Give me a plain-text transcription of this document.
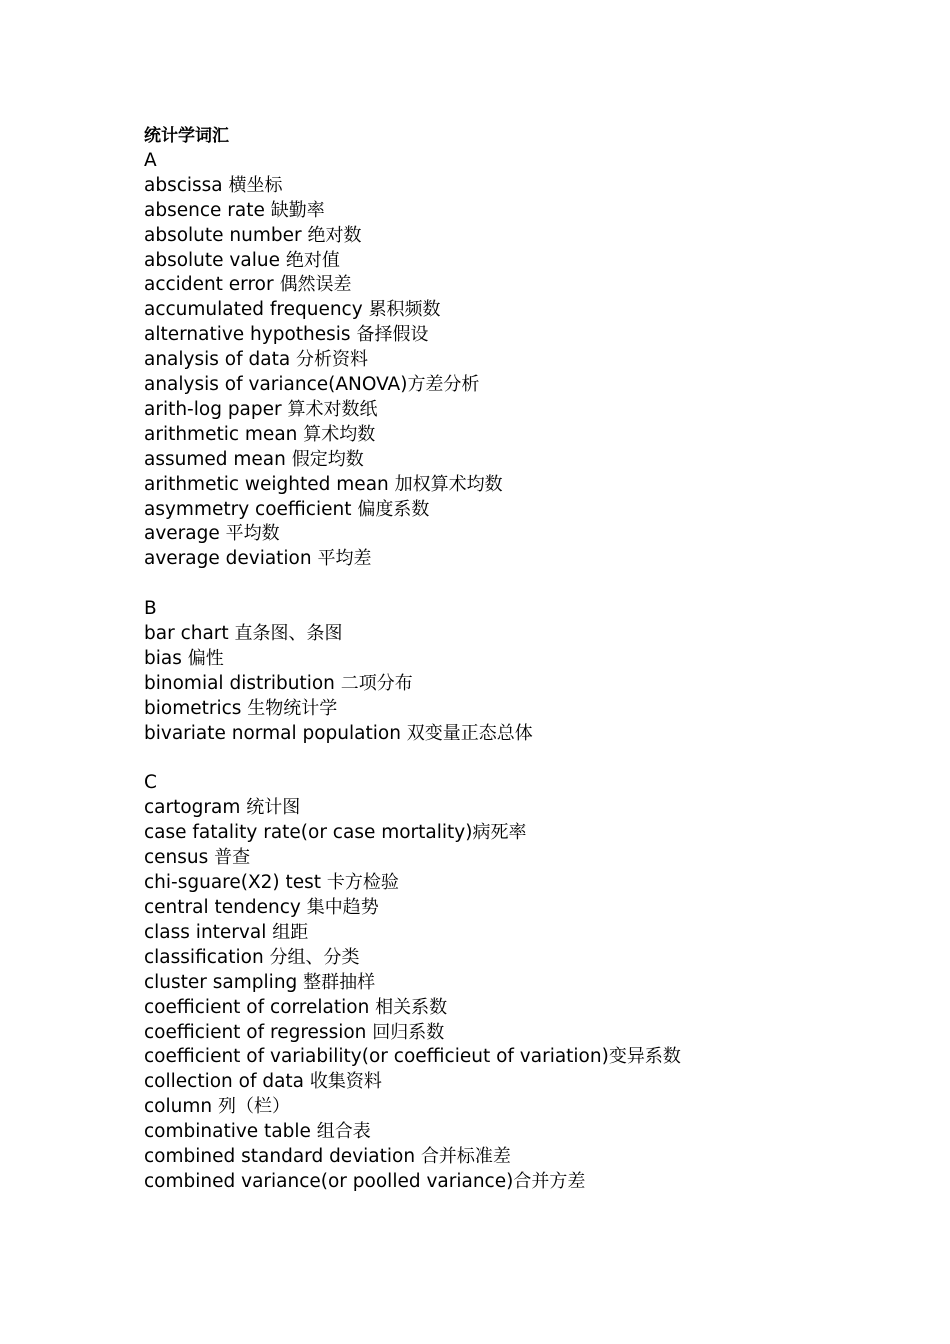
统计学词汇

A

abscissa 横坐标

absence rate 缺勤率

absolute number 绝对数

absolute value 绝对值

accident error 偶然误差

accumulated frequency 累积频数

alternative hypothesis 备择假设

analysis of data 分析资料

analysis of variance(ANOVA)方差分析

arith-log paper 算术对数纸

arithmetic mean 算术均数

assumed mean 假定均数

arithmetic weighted mean 加权算术均数

asymmetry coefficient 偏度系数

average 平均数

average deviation 平均差

B

bar chart 直条图、条图

bias 偏性

binomial distribution 二项分布

biometrics 生物统计学

bivariate normal population 双变量正态总体

C

cartogram 统计图

case fatality rate(or case mortality)病死率

census 普查

chi-sguare(X2) test 卡方检验

central tendency 集中趋势

class interval 组距

classification 分组、分类

cluster sampling 整群抽样

coefficient of correlation 相关系数

coefficient of regression 回归系数

coefficient of variability(or coefficieut of variation)变异系数

collection of data 收集资料

column 列（栏）

combinative table 组合表

combined standard deviation 合并标准差

combined variance(or poolled variance)合并方差
